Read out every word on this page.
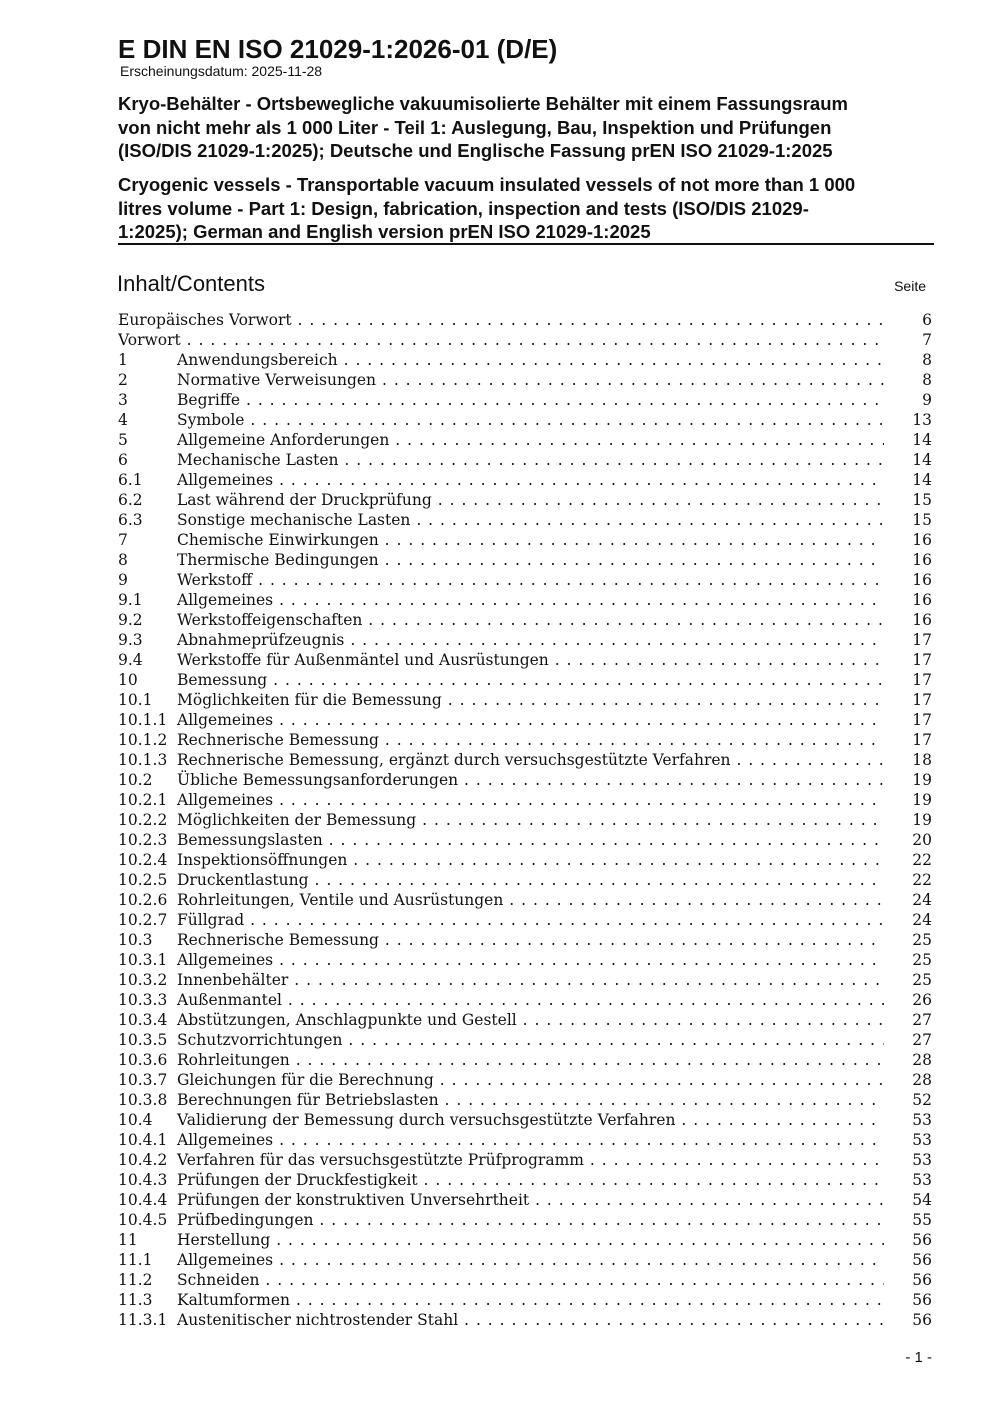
E DIN EN ISO 21029-1:2026-01 (D/E)
Erscheinungsdatum: 2025-11-28
Kryo-Behälter - Ortsbewegliche vakuumisolierte Behälter mit einem Fassungsraum
von nicht mehr als 1 000 Liter - Teil 1: Auslegung, Bau, Inspektion und Prüfungen
(ISO/DIS 21029-1:2025); Deutsche und Englische Fassung prEN ISO 21029-1:2025
Cryogenic vessels - Transportable vacuum insulated vessels of not more than 1 000
litres volume - Part 1: Design, fabrication, inspection and tests (ISO/DIS 21029-
1:2025); German and English version prEN ISO 21029-1:2025
Inhalt/Contents	Seite
Europäisches Vorwort . . .	6
Vorwort . . .	7
1	Anwendungsbereich . . .	8
2	Normative Verweisungen . . .	8
3	Begriffe . . .	9
4	Symbole . . .	13
5	Allgemeine Anforderungen . . .	14
6	Mechanische Lasten . . .	14
6.1 Allgemeines . . .	14
6.2 Last während der Druckprüfung . . .	15
6.3 Sonstige mechanische Lasten . . .	15
7	Chemische Einwirkungen . . .	16
8	Thermische Bedingungen . . .	16
9	Werkstoff . . .	16
9.1 Allgemeines . . .	16
9.2 Werkstoffeigenschaften . . .	16
9.3 Abnahmeprüfzeugnis . . .	17
9.4 Werkstoffe für Außenmäntel und Ausrüstungen . . .	17
10	Bemessung . . .	17
10.1 Möglichkeiten für die Bemessung . . .	17
10.1.1 Allgemeines . . .	17
10.1.2 Rechnerische Bemessung . . .	17
10.1.3 Rechnerische Bemessung, ergänzt durch versuchsgestützte Verfahren . . .	18
10.2 Übliche Bemessungsanforderungen . . .	19
10.2.1 Allgemeines . . .	19
10.2.2 Möglichkeiten der Bemessung . . .	19
10.2.3 Bemessungslasten . . .	20
10.2.4 Inspektionsöffnungen . . .	22
10.2.5 Druckentlastung . . .	22
10.2.6 Rohrleitungen, Ventile und Ausrüstungen . . .	24
10.2.7 Füllgrad . . .	24
10.3 Rechnerische Bemessung . . .	25
10.3.1 Allgemeines . . .	25
10.3.2 Innenbehälter . . .	25
10.3.3 Außenmantel . . .	26
10.3.4 Abstützungen, Anschlagpunkte und Gestell . . .	27
10.3.5 Schutzvorrichtungen . . .	27
10.3.6 Rohrleitungen . . .	28
10.3.7 Gleichungen für die Berechnung . . .	28
10.3.8 Berechnungen für Betriebslasten . . .	52
10.4 Validierung der Bemessung durch versuchsgestützte Verfahren . . .	53
10.4.1 Allgemeines . . .	53
10.4.2 Verfahren für das versuchsgestützte Prüfprogramm . . .	53
10.4.3 Prüfungen der Druckfestigkeit . . .	53
10.4.4 Prüfungen der konstruktiven Unversehrtheit . . .	54
10.4.5 Prüfbedingungen . . .	55
11	Herstellung . . .	56
11.1 Allgemeines . . .	56
11.2 Schneiden . . .	56
11.3 Kaltumformen . . .	56
11.3.1 Austenitischer nichtrostender Stahl . . .	56
- 1 -
